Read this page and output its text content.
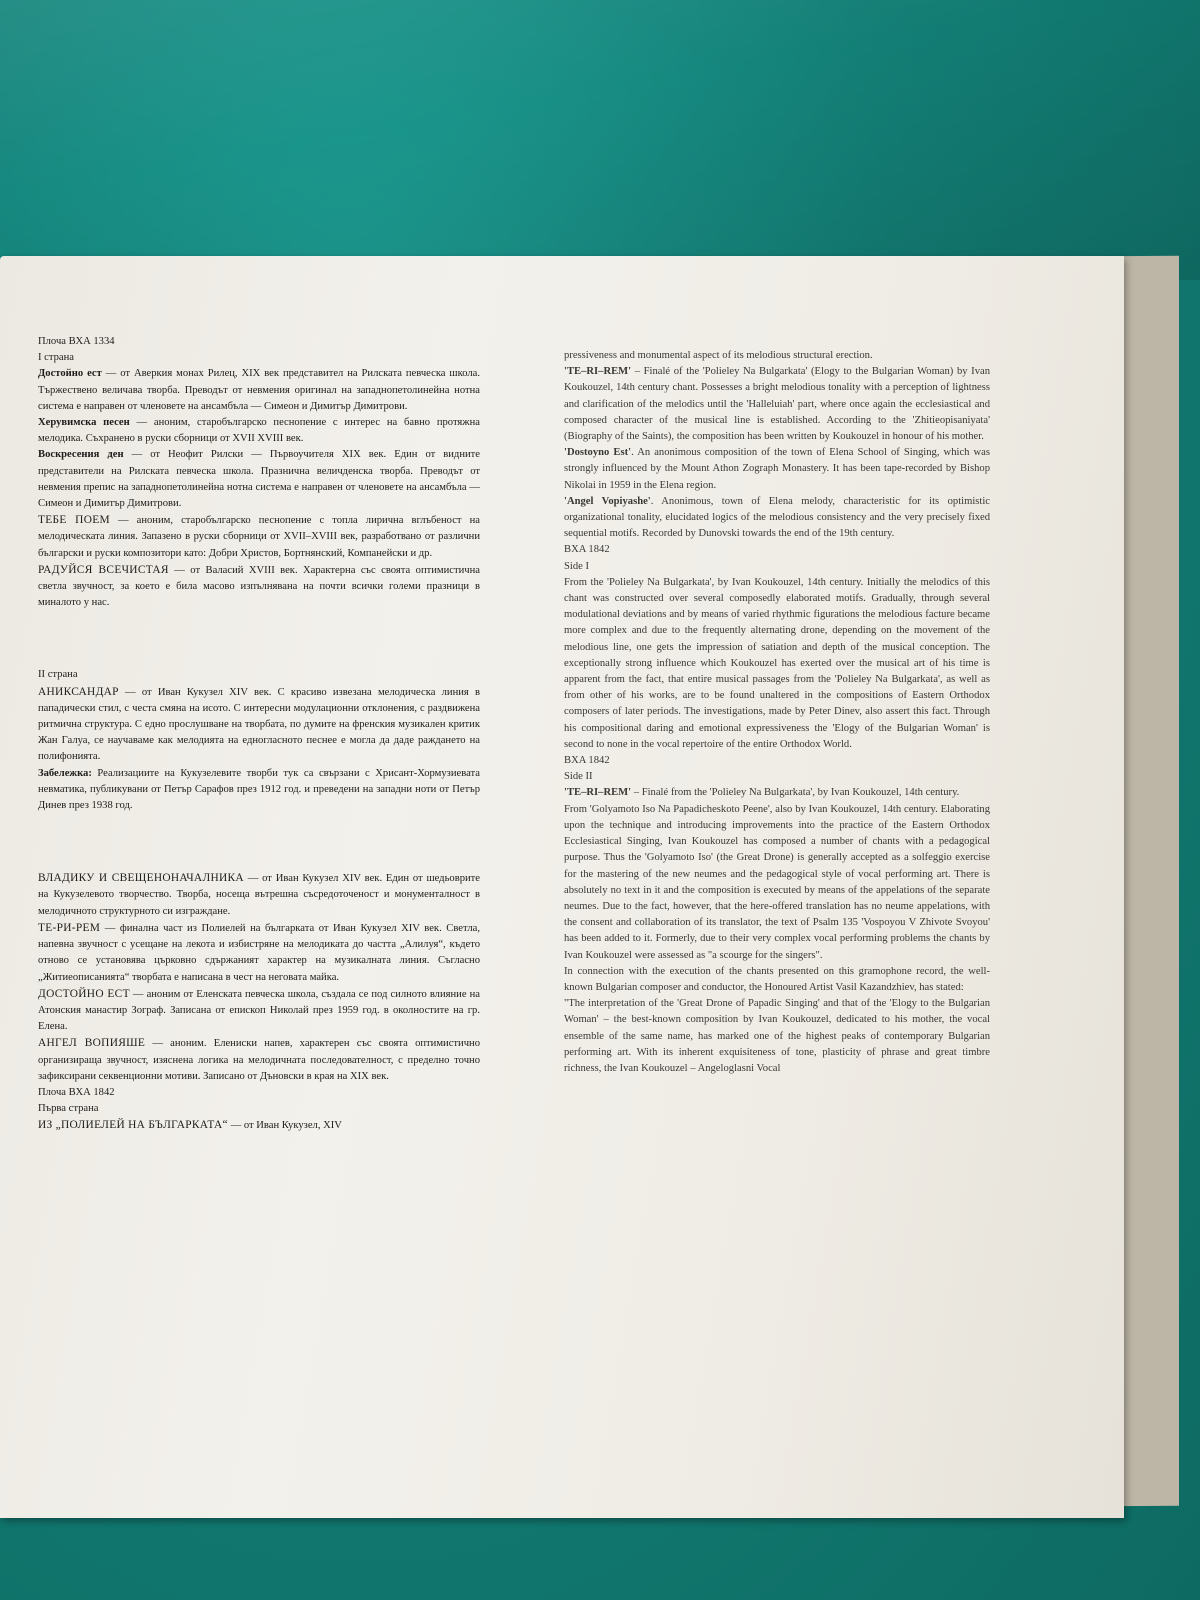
Плоча ВХА 1334

I страна

Достойно ест — от Аверкия монах Рилец, XIX век представител на Рилската певческа школа. Тържествено величава творба. Преводът от невмения оригинал на западнопетолинейна нотна система е направен от членовете на ансамбъла — Симеон и Димитър Димитрови.

Херувимска песен — аноним, старобългарско песнопение с интерес на бавно протяжна мелодика. Съхранено в руски сборници от XVII XVIII век.

Воскресения ден — от Неофит Рилски — Първоучителя XIX век. Един от видните представители на Рилската певческа школа. Празнична величденска творба. Преводът от невмения препис на западнопетолинейна нотна система е направен от членовете на ансамбъла — Симеон и Димитър Димитрови.

ТЕБЕ ПОЕМ — аноним, старобългарско песнопение с топла лирична вглъбеност на мелодическата линия. Запазено в руски сборници от XVII–XVIII век, разработвано от различни български и руски композитори като: Добри Христов, Бортнянский, Компанейски и др.

РАДУЙСЯ ВСЕЧИСТАЯ — от Валасий XVIII век. Характерна със своята оптимистична светла звучност, за което е била масово изпълнявана на почти всички големи празници в миналото у нас.

II страна

АНИКСАНДАР — от Иван Кукузел XIV век. С красиво извезана мелодическа линия в пападически стил, с честа смяна на исото. С интересни модулационни отклонения, с раздвижена ритмична структура. С едно прослушване на творбата, по думите на френския музикален критик Жан Галуа, се научаваме как мелодията на едногласното песнее е могла да даде раждането на полифонията.

Забележка: Реализациите на Кукузелевите творби тук са свързани с Хрисант-Хормузиевата невматика, публикувани от Петър Сарафов през 1912 год. и преведени на западни ноти от Петър Динев през 1938 год.

ВЛАДИКУ И СВЕЩЕНОНАЧАЛНИКА — от Иван Кукузел XIV век. Един от шедьоврите на Кукузелевото творчество. Творба, носеща вътрешна съсредоточеност и монументалност в мелодичното структурното си изграждане.

ТЕ-РИ-РЕМ — финална част из Полиелей на българката от Иван Кукузел XIV век. Светла, напевна звучност с усещане на лекота и избистряне на мелодиката до частта „Алилуя“, където отново се установява църковно сдържаният характер на музикалната линия. Съгласно „Житиеописанията“ творбата е написана в чест на неговата майка.

ДОСТОЙНО ЕСТ — аноним от Еленската певческа школа, създала се под силното влияние на Атонския манастир Зограф. Записана от епископ Николай през 1959 год. в околностите на гр. Елена.

АНГЕЛ ВОПИЯШЕ — аноним. Елениски напев, характерен със своята оптимистично организираща звучност, изяснена логика на мелодичната последователност, с пределно точно зафиксирани секвенционни мотиви. Записано от Дъновски в края на XIX век.

Плоча ВХА 1842

Първа страна

ИЗ „ПОЛИЕЛЕЙ НА БЪЛГАРКАТА“ — от Иван Кукузел, XIV

pressiveness and monumental aspect of its melodious structural erection.

'TE–RI–REM' – Finalé of the 'Polieley Na Bulgarkata' (Elogy to the Bulgarian Woman) by Ivan Koukouzel, 14th century chant. Possesses a bright melodious tonality with a perception of lightness and clarification of the melodics until the 'Halleluiah' part, where once again the ecclesiastical and composed character of the musical line is established. According to the 'Zhitieopisaniyata' (Biography of the Saints), the composition has been written by Koukouzel in honour of his mother.

'Dostoyno Est'. An anonimous composition of the town of Elena School of Singing, which was strongly influenced by the Mount Athon Zograph Monastery. It has been tape-recorded by Bishop Nikolai in 1959 in the Elena region.

'Angel Vopiyashe'. Anonimous, town of Elena melody, characteristic for its optimistic organizational tonality, elucidated logics of the melodious consistency and the very precisely fixed sequential motifs. Recorded by Dunovski towards the end of the 19th century.

BXA 1842

Side I

From the 'Polieley Na Bulgarkata', by Ivan Koukouzel, 14th century. Initially the melodics of this chant was constructed over several composedly elaborated motifs. Gradually, through several modulational deviations and by means of varied rhythmic figurations the melodious facture became more complex and due to the frequently alternating drone, depending on the movement of the melodious line, one gets the impression of satiation and depth of the musical conception. The exceptionally strong influence which Koukouzel has exerted over the musical art of his time is apparent from the fact, that entire musical passages from the 'Polieley Na Bulgarkata', as well as from other of his works, are to be found unaltered in the compositions of Eastern Orthodox composers of later periods. The investigations, made by Peter Dinev, also assert this fact. Through his compositional daring and emotional expressiveness the 'Elogy of the Bulgarian Woman' is second to none in the vocal repertoire of the entire Orthodox World.

BXA 1842

Side II

'TE–RI–REM' – Finalé from the 'Polieley Na Bulgarkata', by Ivan Koukouzel, 14th century.

From 'Golyamoto Iso Na Papadicheskoto Peene', also by Ivan Koukouzel, 14th century. Elaborating upon the technique and introducing improvements into the practice of the Eastern Orthodox Ecclesiastical Singing, Ivan Koukouzel has composed a number of chants with a pedagogical purpose. Thus the 'Golyamoto Iso' (the Great Drone) is generally accepted as a solfeggio exercise for the mastering of the new neumes and the pedagogical style of vocal performing art. There is absolutely no text in it and the composition is executed by means of the appelations of the separate neumes. Due to the fact, however, that the here-offered translation has no neume appelations, with the consent and collaboration of its translator, the text of Psalm 135 'Vospoyou V Zhivote Svoyou' has been added to it. Formerly, due to their very complex vocal performing problems the chants by Ivan Koukouzel were assessed as "a scourge for the singers".

In connection with the execution of the chants presented on this gramophone record, the well-known Bulgarian composer and conductor, the Honoured Artist Vasil Kazandzhiev, has stated:

"The interpretation of the 'Great Drone of Papadic Singing' and that of the 'Elogy to the Bulgarian Woman' – the best-known composition by Ivan Koukouzel, dedicated to his mother, the vocal ensemble of the same name, has marked one of the highest peaks of contemporary Bulgarian performing art. With its inherent exquisiteness of tone, plasticity of phrase and great timbre richness, the Ivan Koukouzel – Angeloglasni Vocal
